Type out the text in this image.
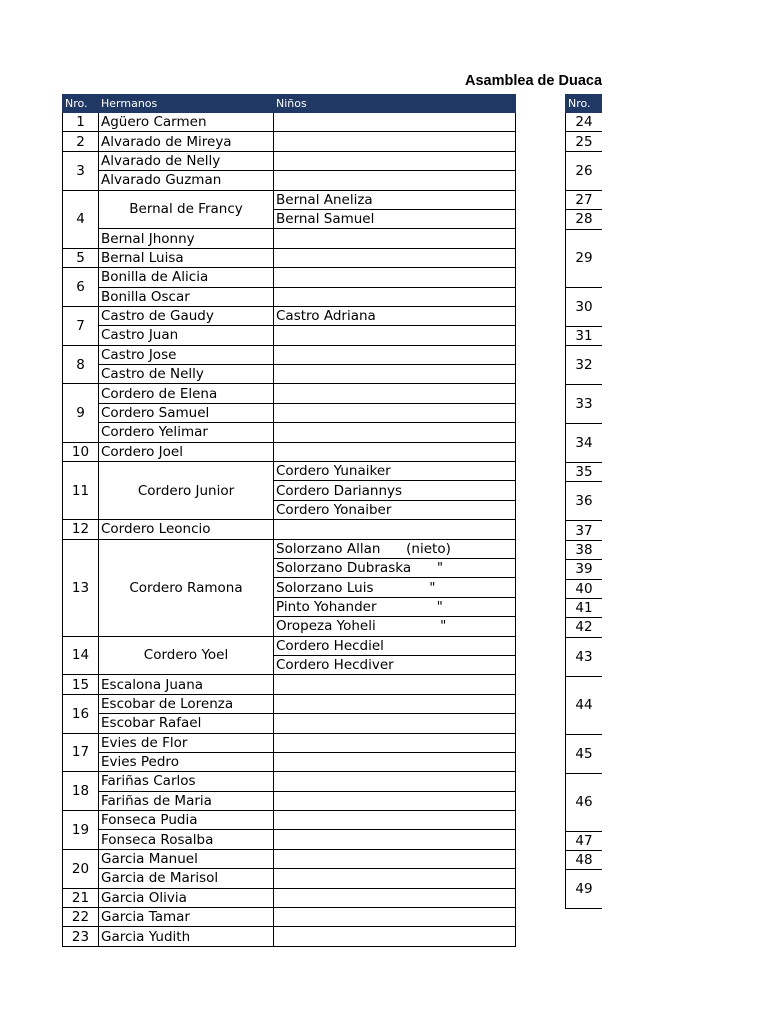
Asamblea de Duaca
Nro.	Hermanos	Niños
1	Agüero Carmen	
2	Alvarado de Mireya	
3	Alvarado de Nelly	
	Alvarado Guzman	
4	Bernal de Francy	Bernal Aneliza
		Bernal Samuel
	Bernal Jhonny	
5	Bernal Luisa	
6	Bonilla de Alicia	
	Bonilla Oscar	
7	Castro de Gaudy	Castro Adriana
	Castro Juan	
8	Castro Jose	
	Castro de Nelly	
9	Cordero de Elena	
	Cordero Samuel	
	Cordero Yelimar	
10	Cordero Joel	
11	Cordero Junior	Cordero Yunaiker
		Cordero Dariannys
		Cordero Yonaiber
12	Cordero Leoncio	
13	Cordero Ramona	Solorzano Allan      (nieto)
		Solorzano Dubraska      "
		Solorzano Luis             "
		Pinto Yohander              "
		Oropeza Yoheli               "
14	Cordero Yoel	Cordero Hecdiel
		Cordero Hecdiver
15	Escalona Juana	
16	Escobar de Lorenza	
	Escobar Rafael	
17	Evies de Flor	
	Evies Pedro	
18	Fariñas Carlos	
	Fariñas de Maria	
19	Fonseca Pudia	
	Fonseca Rosalba	
20	Garcia Manuel	
	Garcia de Marisol	
21	Garcia Olivia	
22	Garcia Tamar	
23	Garcia Yudith	
Nro.
24
25
26
27
28
29
30
31
32
33
34
35
36
37
38
39
40
41
42
43
44
45
46
47
48
49
